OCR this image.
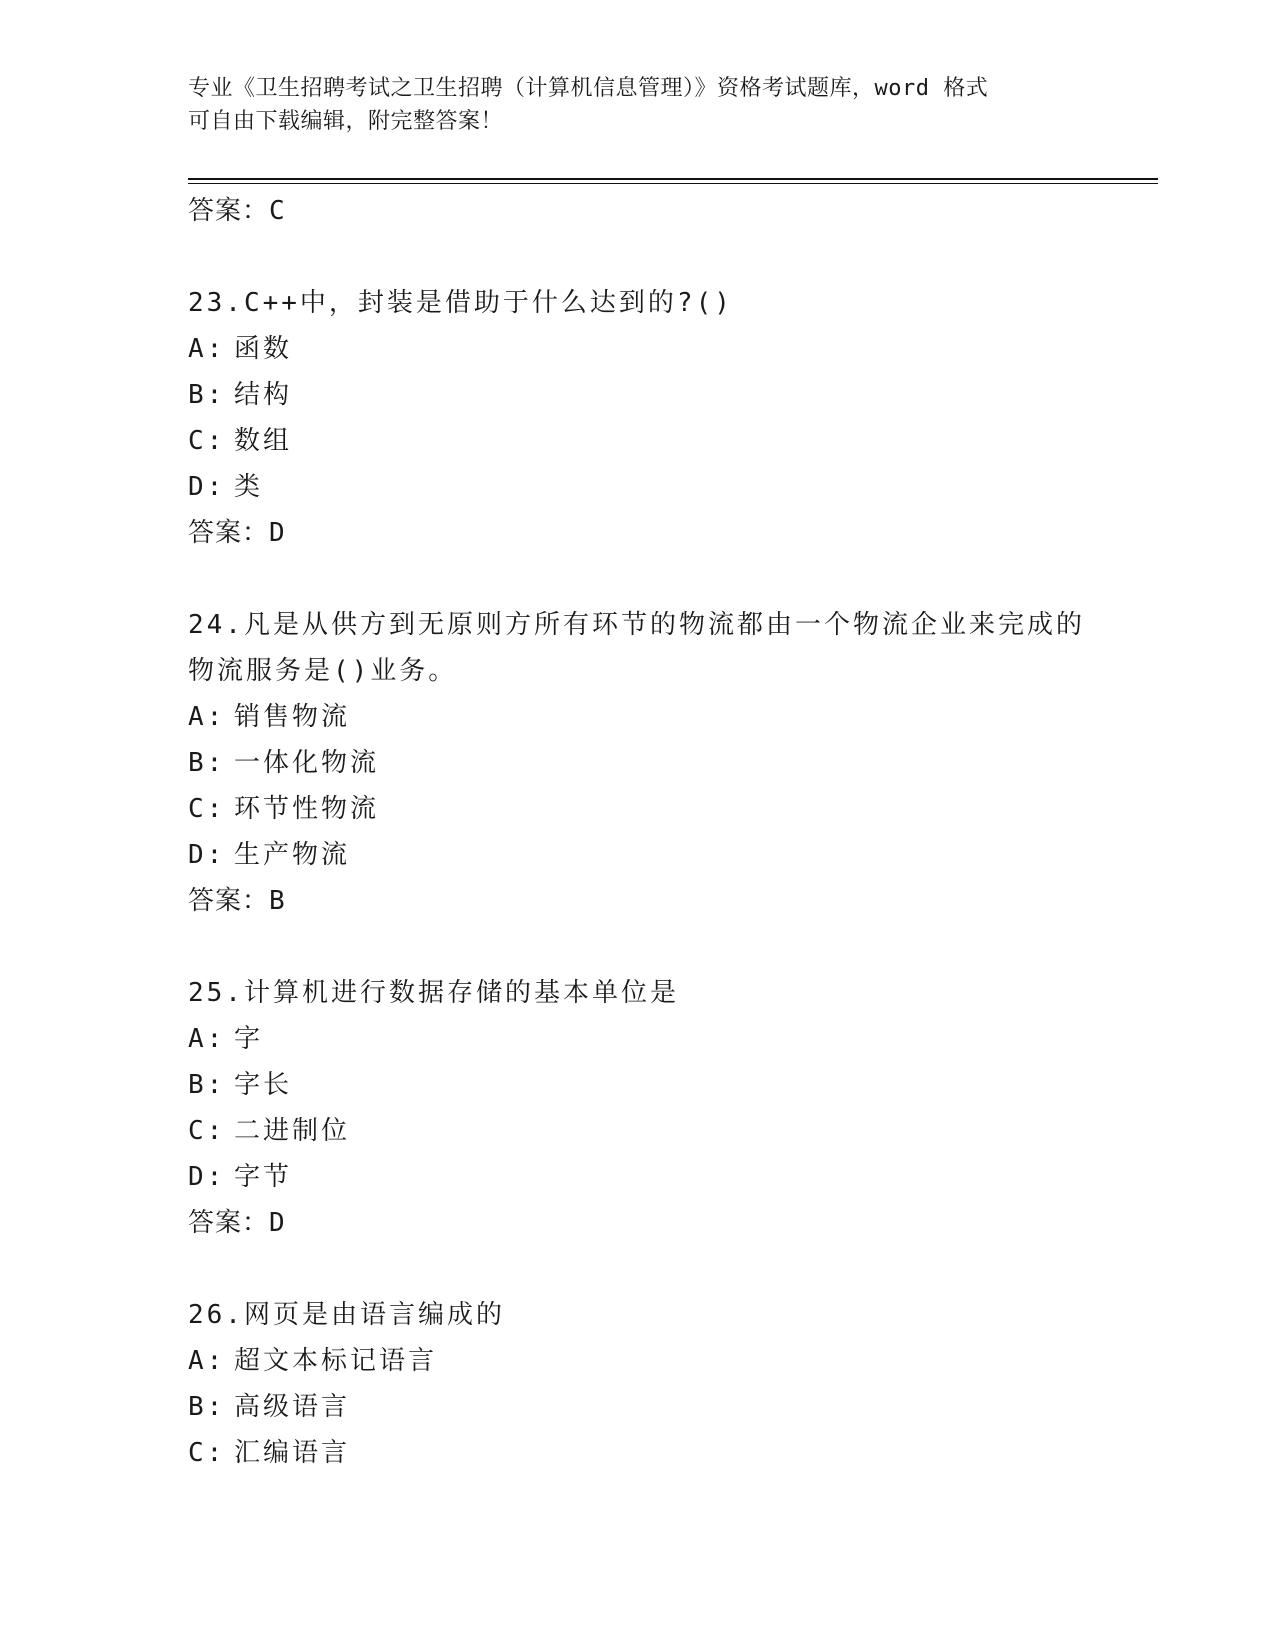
专业《卫生招聘考试之卫生招聘（计算机信息管理）》资格考试题库，word 格式

可自由下载编辑，附完整答案！

答案：C

23.C++中，封装是借助于什么达到的?()

A: 函数
B: 结构
C: 数组
D: 类
答案：D

24.凡是从供方到无原则方所有环节的物流都由一个物流企业来完成的

物流服务是()业务。

A: 销售物流
B: 一体化物流
C: 环节性物流
D: 生产物流
答案：B

25.计算机进行数据存储的基本单位是

A: 字
B: 字长
C: 二进制位
D: 字节
答案：D

26.网页是由语言编成的

A: 超文本标记语言
B: 高级语言
C: 汇编语言
